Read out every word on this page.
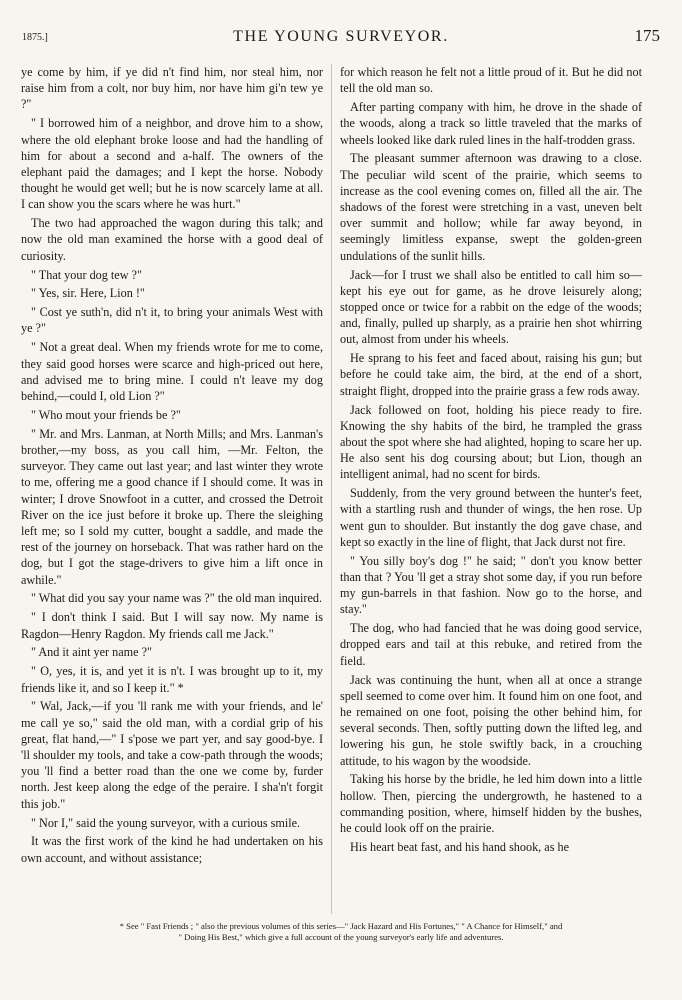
1875.]	THE YOUNG SURVEYOR.	175

ye come by him, if ye did n't find him, nor steal him, nor raise him from a colt, nor buy him, nor have him gi'n tew ye ?"

" I borrowed him of a neighbor, and drove him to a show, where the old elephant broke loose and had the handling of him for about a second and a-half. The owners of the elephant paid the damages; and I kept the horse. Nobody thought he would get well; but he is now scarcely lame at all. I can show you the scars where he was hurt."

The two had approached the wagon during this talk; and now the old man examined the horse with a good deal of curiosity.

" That your dog tew ?"

" Yes, sir. Here, Lion !"

" Cost ye suth'n, did n't it, to bring your animals West with ye ?"

" Not a great deal. When my friends wrote for me to come, they said good horses were scarce and high-priced out here, and advised me to bring mine. I could n't leave my dog behind,—could I, old Lion ?"

" Who mout your friends be ?"

" Mr. and Mrs. Lanman, at North Mills; and Mrs. Lanman's brother,—my boss, as you call him, —Mr. Felton, the surveyor. They came out last year; and last winter they wrote to me, offering me a good chance if I should come. It was in winter; I drove Snowfoot in a cutter, and crossed the Detroit River on the ice just before it broke up. There the sleighing left me; so I sold my cutter, bought a saddle, and made the rest of the journey on horseback. That was rather hard on the dog, but I got the stage-drivers to give him a lift once in awhile."

" What did you say your name was ?" the old man inquired.

" I don't think I said. But I will say now. My name is Ragdon—Henry Ragdon. My friends call me Jack."

" And it aint yer name ?"

" O, yes, it is, and yet it is n't. I was brought up to it, my friends like it, and so I keep it." *

" Wal, Jack,—if you 'll rank me with your friends, and le' me call ye so," said the old man, with a cordial grip of his great, flat hand,—" I s'pose we part yer, and say good-bye. I 'll shoulder my tools, and take a cow-path through the woods; you 'll find a better road than the one we come by, furder north. Jest keep along the edge of the peraire. I sha'n't forgit this job."

" Nor I," said the young surveyor, with a curious smile.

It was the first work of the kind he had undertaken on his own account, and without assistance;

for which reason he felt not a little proud of it. But he did not tell the old man so.

After parting company with him, he drove in the shade of the woods, along a track so little traveled that the marks of wheels looked like dark ruled lines in the half-trodden grass.

The pleasant summer afternoon was drawing to a close. The peculiar wild scent of the prairie, which seems to increase as the cool evening comes on, filled all the air. The shadows of the forest were stretching in a vast, uneven belt over summit and hollow; while far away beyond, in seemingly limitless expanse, swept the golden-green undulations of the sunlit hills.

Jack—for I trust we shall also be entitled to call him so—kept his eye out for game, as he drove leisurely along; stopped once or twice for a rabbit on the edge of the woods; and, finally, pulled up sharply, as a prairie hen shot whirring out, almost from under his wheels.

He sprang to his feet and faced about, raising his gun; but before he could take aim, the bird, at the end of a short, straight flight, dropped into the prairie grass a few rods away.

Jack followed on foot, holding his piece ready to fire. Knowing the shy habits of the bird, he trampled the grass about the spot where she had alighted, hoping to scare her up. He also sent his dog coursing about; but Lion, though an intelligent animal, had no scent for birds.

Suddenly, from the very ground between the hunter's feet, with a startling rush and thunder of wings, the hen rose. Up went gun to shoulder. But instantly the dog gave chase, and kept so exactly in the line of flight, that Jack durst not fire.

" You silly boy's dog !" he said; " don't you know better than that ? You 'll get a stray shot some day, if you run before my gun-barrels in that fashion. Now go to the horse, and stay."

The dog, who had fancied that he was doing good service, dropped ears and tail at this rebuke, and retired from the field.

Jack was continuing the hunt, when all at once a strange spell seemed to come over him. It found him on one foot, and he remained on one foot, poising the other behind him, for several seconds. Then, softly putting down the lifted leg, and lowering his gun, he stole swiftly back, in a crouching attitude, to his wagon by the woodside.

Taking his horse by the bridle, he led him down into a little hollow. Then, piercing the undergrowth, he hastened to a commanding position, where, himself hidden by the bushes, he could look off on the prairie.

His heart beat fast, and his hand shook, as he

* See " Fast Friends ; " also the previous volumes of this series—" Jack Hazard and His Fortunes," " A Chance for Himself," and
" Doing His Best," which give a full account of the young surveyor's early life and adventures.
